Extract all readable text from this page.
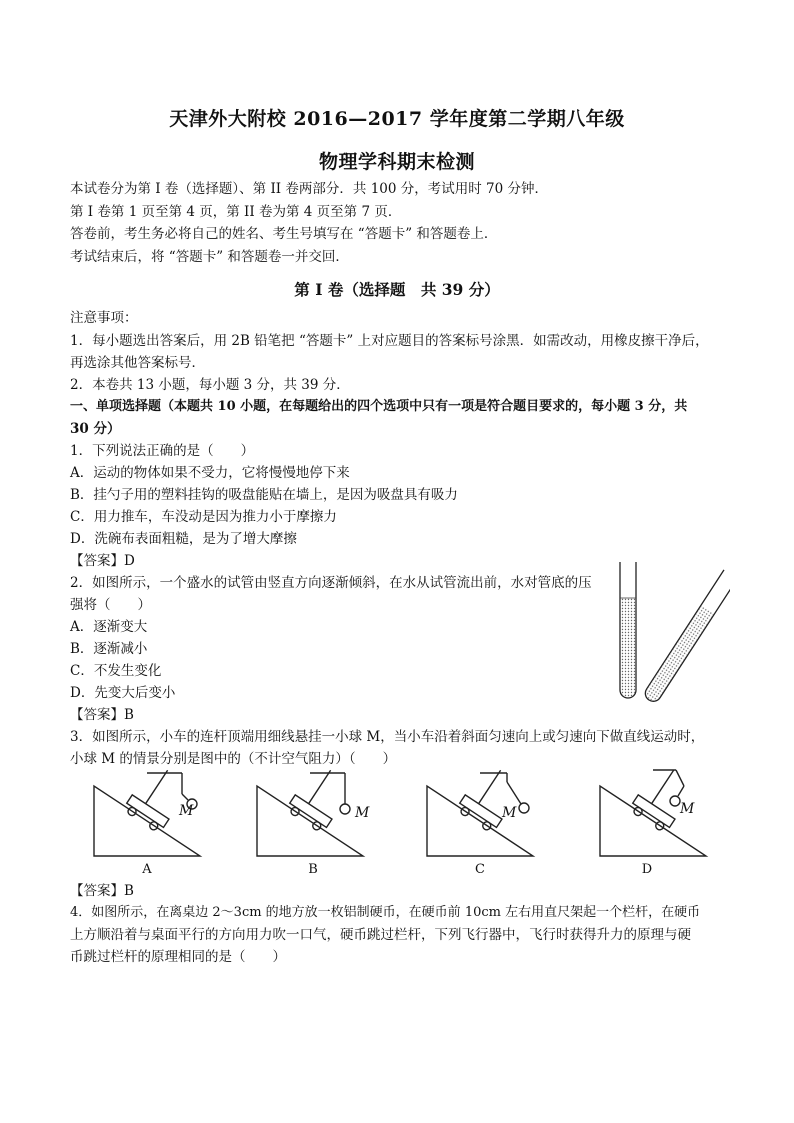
天津外大附校 2016—2017 学年度第二学期八年级
物理学科期末检测
本试卷分为第 I 卷（选择题）、第 II 卷两部分．共 100 分，考试用时 70 分钟．
第 I 卷第 1 页至第 4 页，第 II 卷为第 4 页至第 7 页．
答卷前，考生务必将自己的姓名、考生号填写在 “答题卡” 和答题卷上．
考试结束后，将 “答题卡” 和答题卷一并交回．
第 I 卷（选择题　共 39 分）
注意事项：
1．每小题选出答案后，用 2B 铅笔把 “答题卡” 上对应题目的答案标号涂黑．如需改动，用橡皮擦干净后，
再选涂其他答案标号．
2．本卷共 13 小题，每小题 3 分，共 39 分．
一、单项选择题（本题共 10 小题，在每题给出的四个选项中只有一项是符合题目要求的，每小题 3 分，共
30 分）
1．下列说法正确的是（　　）
A．运动的物体如果不受力，它将慢慢地停下来
B．挂勺子用的塑料挂钩的吸盘能贴在墙上，是因为吸盘具有吸力
C．用力推车，车没动是因为推力小于摩擦力
D．洗碗布表面粗糙，是为了增大摩擦
【答案】D
2．如图所示，一个盛水的试管由竖直方向逐渐倾斜，在水从试管流出前，水对管底的压
强将（　　）
A．逐渐变大
B．逐渐减小
C．不发生变化
D．先变大后变小
【答案】B
3．如图所示，小车的连杆顶端用细线悬挂一小球 M，当小车沿着斜面匀速向上或匀速向下做直线运动时，
小球 M 的情景分别是图中的（不计空气阻力）（　　）
M
A
M
B
M
C
M
D
【答案】B
4．如图所示，在离桌边 2～3cm 的地方放一枚铝制硬币，在硬币前 10cm 左右用直尺架起一个栏杆，在硬币
上方顺沿着与桌面平行的方向用力吹一口气，硬币跳过栏杆，下列飞行器中，飞行时获得升力的原理与硬
币跳过栏杆的原理相同的是（　　）
